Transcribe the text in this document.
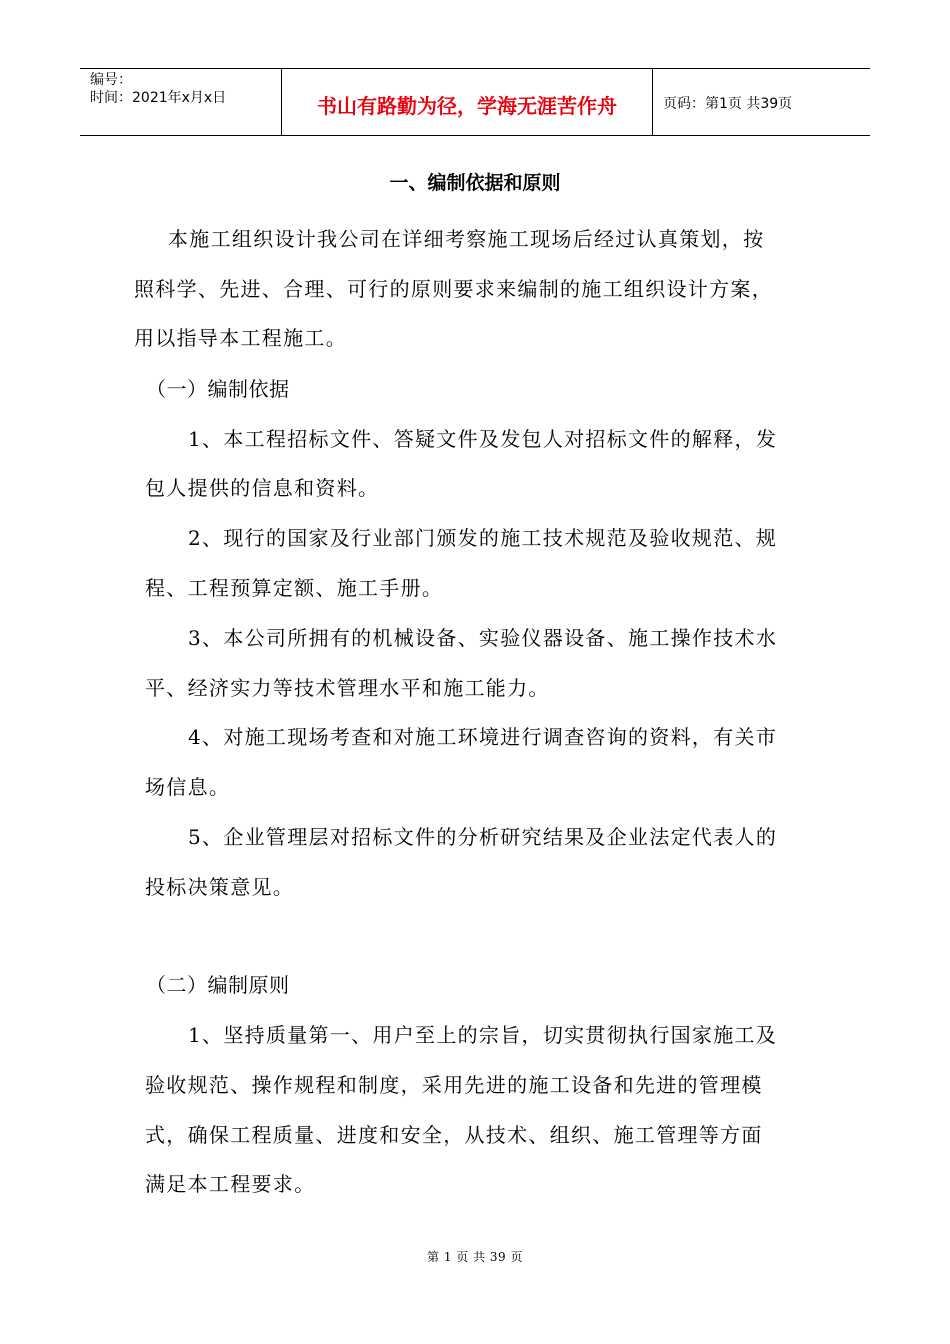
编号：
时间：2021年x月x日	书山有路勤为径，学海无涯苦作舟	页码：第1页 共39页
一、编制依据和原则
本施工组织设计我公司在详细考察施工现场后经过认真策划，按
照科学、先进、合理、可行的原则要求来编制的施工组织设计方案，
用以指导本工程施工。
（一）编制依据
1、本工程招标文件、答疑文件及发包人对招标文件的解释，发
包人提供的信息和资料。
2、现行的国家及行业部门颁发的施工技术规范及验收规范、规
程、工程预算定额、施工手册。
3、本公司所拥有的机械设备、实验仪器设备、施工操作技术水
平、经济实力等技术管理水平和施工能力。
4、对施工现场考查和对施工环境进行调查咨询的资料，有关市
场信息。
5、企业管理层对招标文件的分析研究结果及企业法定代表人的
投标决策意见。
（二）编制原则
1、坚持质量第一、用户至上的宗旨，切实贯彻执行国家施工及
验收规范、操作规程和制度，采用先进的施工设备和先进的管理模
式，确保工程质量、进度和安全，从技术、组织、施工管理等方面
满足本工程要求。
第 1 页 共 39 页
